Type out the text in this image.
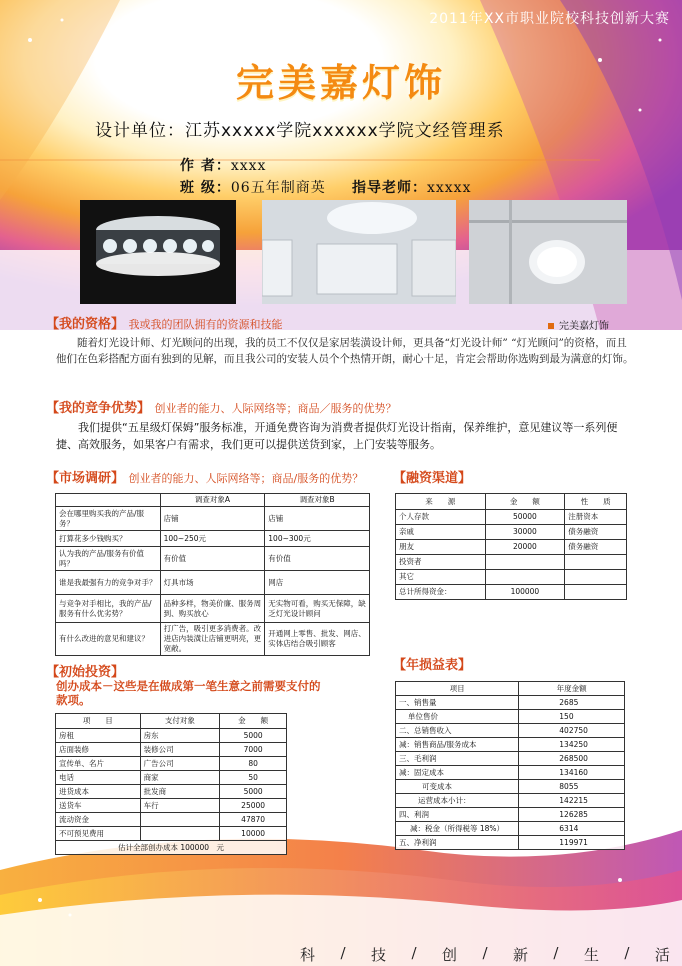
2011年XX市职业院校科技创新大赛
完美嘉灯饰
设计单位：江苏xxxxx学院xxxxxx学院文经管理系
作 者：xxxx
班 级：06五年制商英 指导老师：xxxxx
完美嘉灯饰
【我的资格】 我或我的团队拥有的资源和技能
随着灯光设计师、灯光顾问的出现，我的员工不仅仅是家居装潢设计师，更具备“灯光设计师” “灯光顾问”的资格，而且他们在色彩搭配方面有独到的见解，而且我公司的安装人员个个热情开朗，耐心十足，肯定会帮助你选购到最为满意的灯饰。
【我的竞争优势】 创业者的能力、人际网络等；商品／服务的优势？
我们提供“五星级灯保姆”服务标准，开通免费咨询为消费者提供灯光设计指南，保养维护，意见建议等一系列便捷、高效服务，如果客户有需求，我们更可以提供送货到家，上门安装等服务。
【市场调研】 创业者的能力、人际网络等；商品/服务的优势？
	调查对象A	调查对象B
会在哪里购买我的产品/服务？	店铺	店铺
打算花多少钱购买？	100~250元	100~300元
认为我的产品/服务有价值吗？	有价值	有价值
谁是我最强有力的竞争对手？	灯具市场	网店
与竞争对手相比，我的产品/服务有什么优劣势？	品种多样，物美价廉、服务周到、购买放心	无实物可看，购买无保障，缺乏灯光设计顾问
有什么改进的意见和建议？	打广告，吸引更多消费者。改进店内装潢让店铺更明亮，更宽敞。	开通网上零售、批发、网店、实体店结合吸引顾客
【融资渠道】
来　　源	金　　额	性　　质
个人存款	50000	注册资本
亲戚	30000	债务融资
朋友	20000	债务融资
投资者		
其它		
总计所得资金：	100000	
【初始投资】
创办成本－这些是在做成第一笔生意之前需要支付的款项。
项　　目	支付对象	金　　额
房租	房东	5000
店面装修	装修公司	7000
宣传单、名片	广告公司	80
电话	商家	50
进货成本	批发商	5000
送货车	车行	25000
流动资金		47870
不可预见费用		10000
估计全部创办成本 100000　元		
【年损益表】
项目	年度金额
一、销售量	2685
单位售价	150
二、总销售收入	402750
减：销售商品/服务成本	134250
三、毛利润	268500
减：固定成本	134160
可变成本	8055
运营成本小计：	142215
四、利润	126285
减：税金（所得税等 18%）	6314
五、净利润	119971
科 / 技 / 创 / 新 / 生 / 活
